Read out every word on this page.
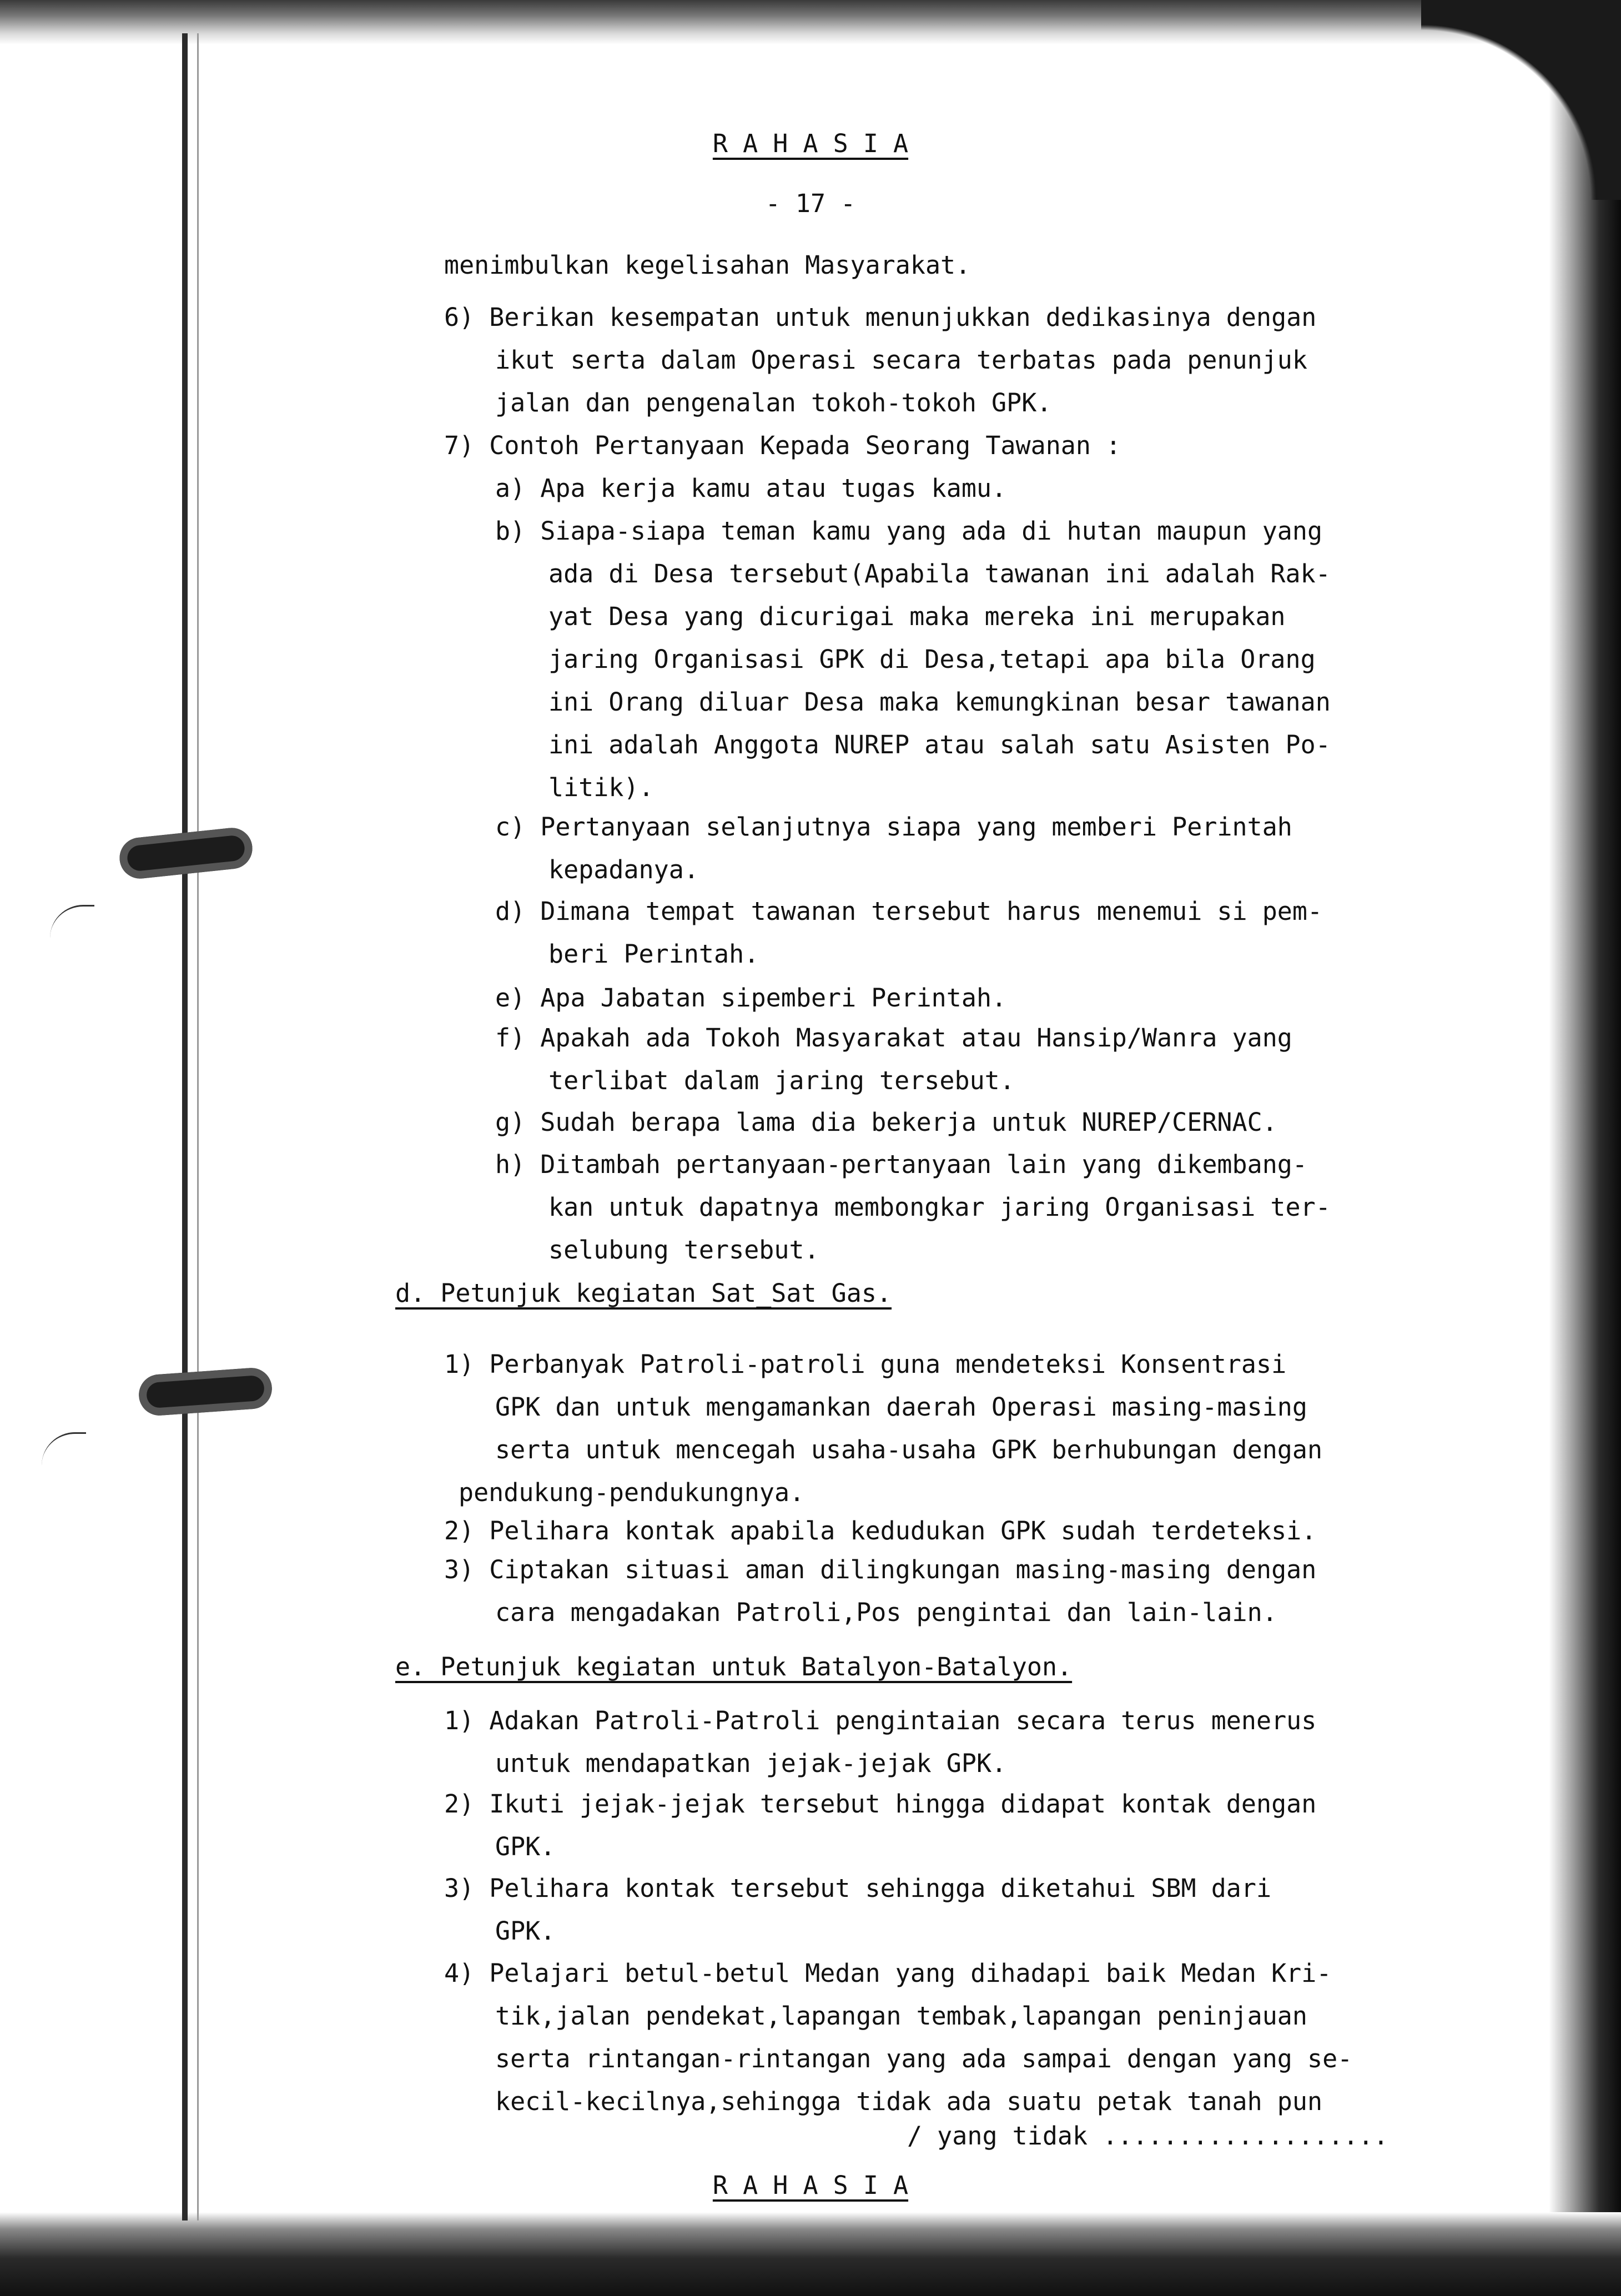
R A H A S I A
- 17 -
menimbulkan kegelisahan Masyarakat.
6) Berikan kesempatan untuk menunjukkan dedikasinya dengan
ikut serta dalam Operasi secara terbatas pada penunjuk
jalan dan pengenalan tokoh-tokoh GPK.
7) Contoh Pertanyaan Kepada Seorang Tawanan :
a) Apa kerja kamu atau tugas kamu.
b) Siapa-siapa teman kamu yang ada di hutan maupun yang
ada di Desa tersebut(Apabila tawanan ini adalah Rak-
yat Desa yang dicurigai maka mereka ini merupakan
jaring Organisasi GPK di Desa,tetapi apa bila Orang
ini Orang diluar Desa maka kemungkinan besar tawanan
ini adalah Anggota NUREP atau salah satu Asisten Po-
litik).
c) Pertanyaan selanjutnya siapa yang memberi Perintah
kepadanya.
d) Dimana tempat tawanan tersebut harus menemui si pem-
beri Perintah.
e) Apa Jabatan sipemberi Perintah.
f) Apakah ada Tokoh Masyarakat atau Hansip/Wanra yang
terlibat dalam jaring tersebut.
g) Sudah berapa lama dia bekerja untuk NUREP/CERNAC.
h) Ditambah pertanyaan-pertanyaan lain yang dikembang-
kan untuk dapatnya membongkar jaring Organisasi ter-
selubung tersebut.
d. Petunjuk kegiatan Sat_Sat Gas.
1) Perbanyak Patroli-patroli guna mendeteksi Konsentrasi
GPK dan untuk mengamankan daerah Operasi masing-masing
serta untuk mencegah usaha-usaha GPK berhubungan dengan
pendukung-pendukungnya.
2) Pelihara kontak apabila kedudukan GPK sudah terdeteksi.
3) Ciptakan situasi aman dilingkungan masing-masing dengan
cara mengadakan Patroli,Pos pengintai dan lain-lain.
e. Petunjuk kegiatan untuk Batalyon-Batalyon.
1) Adakan Patroli-Patroli pengintaian secara terus menerus
untuk mendapatkan jejak-jejak GPK.
2) Ikuti jejak-jejak tersebut hingga didapat kontak dengan
GPK.
3) Pelihara kontak tersebut sehingga diketahui SBM dari
GPK.
4) Pelajari betul-betul Medan yang dihadapi baik Medan Kri-
tik,jalan pendekat,lapangan tembak,lapangan peninjauan
serta rintangan-rintangan yang ada sampai dengan yang se-
kecil-kecilnya,sehingga tidak ada suatu petak tanah pun
/ yang tidak ...................
R A H A S I A
